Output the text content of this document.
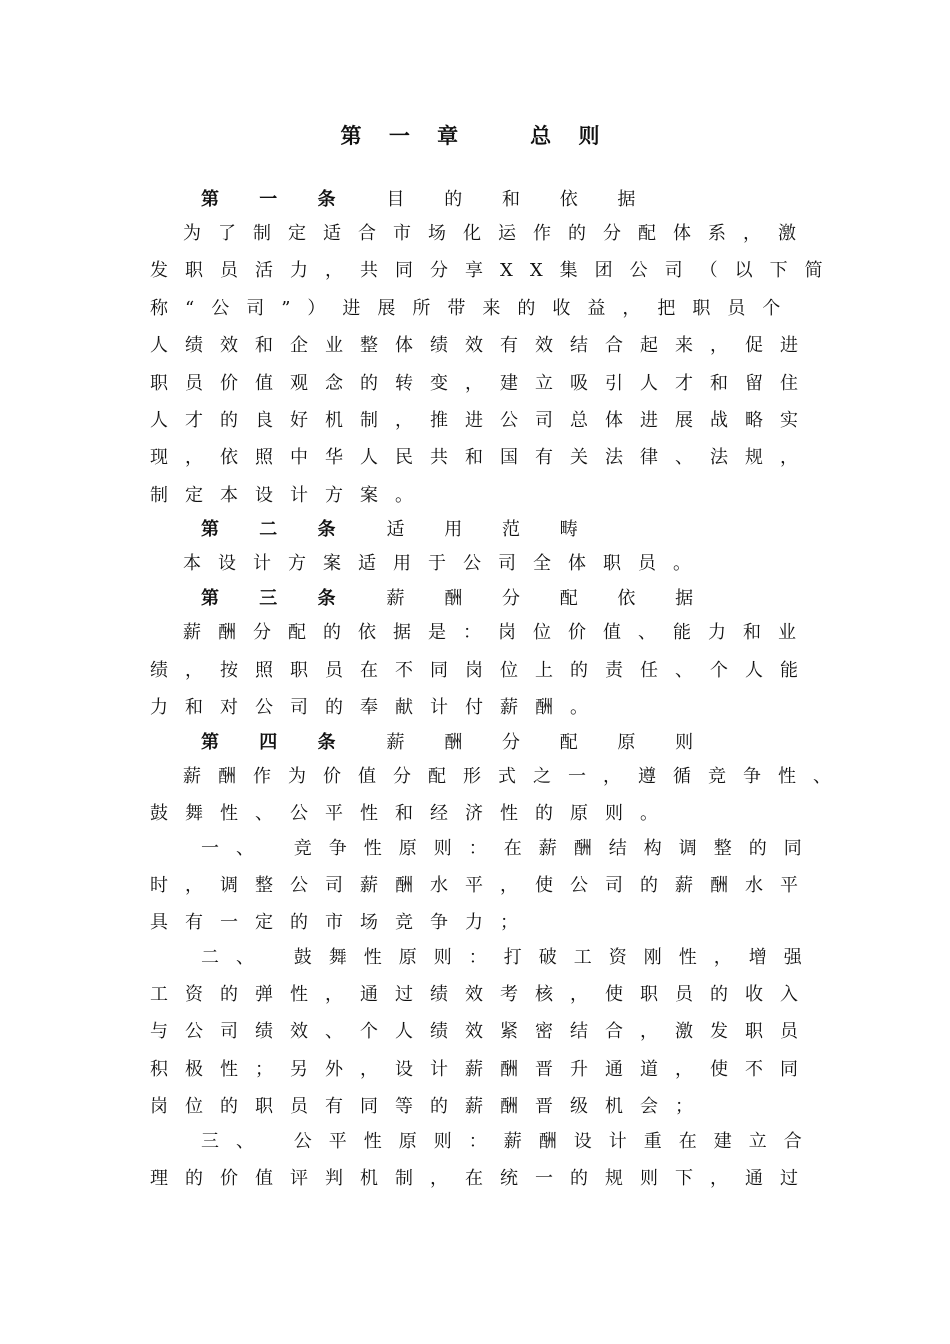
第 一 章　　总 则
第 一 条 目 的 和 依 据
为了制定适合市场化运作的分配体系，激
发职员活力，共同分享XX集团公司（以下简
称“公司”）进展所带来的收益，把职员个
人绩效和企业整体绩效有效结合起来，促进
职员价值观念的转变，建立吸引人才和留住
人才的良好机制，推进公司总体进展战略实
现，依照中华人民共和国有关法律、法规，
制定本设计方案。
第 二 条 适 用 范 畴
本设计方案适用于公司全体职员。
第 三 条 薪 酬 分 配 依 据
薪酬分配的依据是：岗位价值、能力和业
绩，按照职员在不同岗位上的责任、个人能
力和对公司的奉献计付薪酬。
第 四 条 薪 酬 分 配 原 则
薪酬作为价值分配形式之一，遵循竞争性、
鼓舞性、公平性和经济性的原则。
一、 竞争性原则：在薪酬结构调整的同
时，调整公司薪酬水平，使公司的薪酬水平
具有一定的市场竞争力；
二、 鼓舞性原则：打破工资刚性，增强
工资的弹性，通过绩效考核，使职员的收入
与公司绩效、个人绩效紧密结合，激发职员
积极性；另外，设计薪酬晋升通道，使不同
岗位的职员有同等的薪酬晋级机会；
三、 公平性原则：薪酬设计重在建立合
理的价值评判机制，在统一的规则下，通过
